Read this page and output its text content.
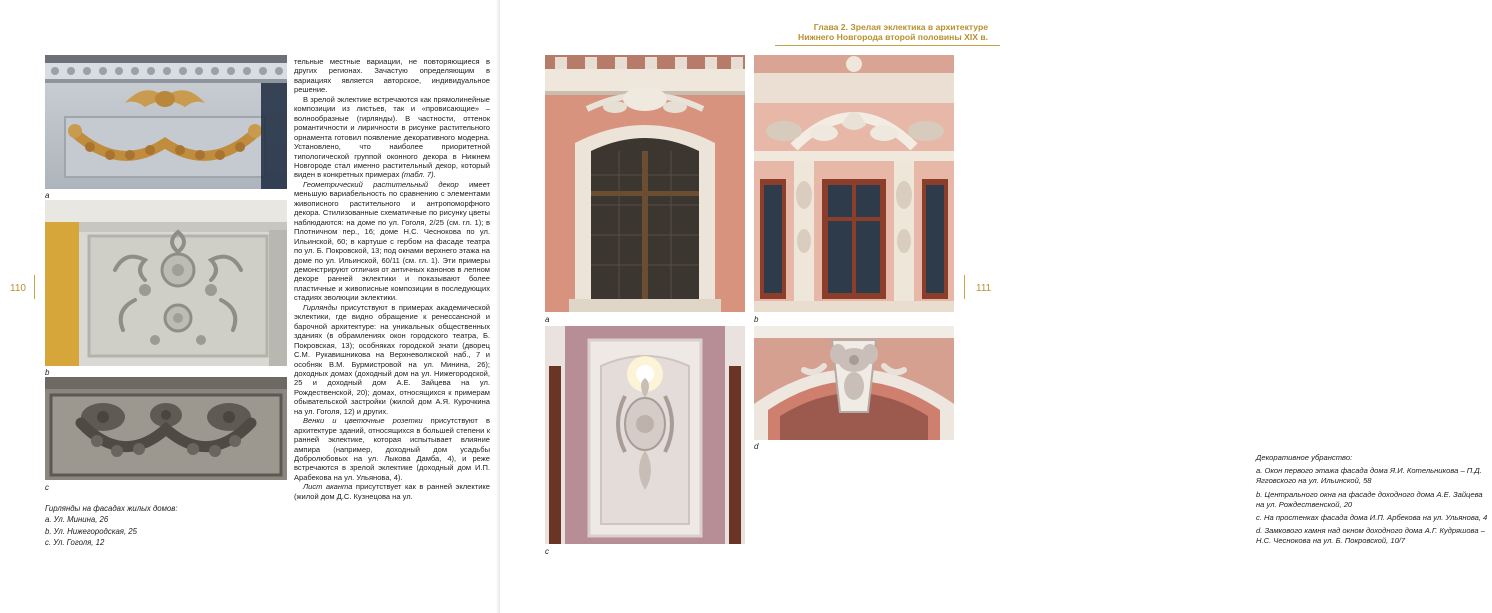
a
b
c
Гирлянды на фасадах жилых домов:
a. Ул. Минина, 26
b. Ул. Нижегородская, 25
c. Ул. Гоголя, 12

тельные местные вариации, не повторяющиеся в других регионах. Зачастую определяющим в вариациях является авторское, индивидуальное решение.

В зрелой эклектике встречаются как прямолинейные композиции из листьев, так и «провисающие» – волнообразные (гирлянды). В частности, оттенок романтичности и лиричности в рисунке растительного орнамента готовил появление декоративного модерна. Установлено, что наиболее приоритетной типологической группой оконного декора в Нижнем Новгороде стал именно растительный декор, который виден в конкретных примерах (табл. 7).

Геометрический растительный декор имеет меньшую вариабельность по сравнению с элементами живописного растительного и антропоморфного декора. Стилизованные схематичные по рисунку цветы наблюдаются: на доме по ул. Гоголя, 2/25 (см. гл. 1); в Плотничном пер., 16; доме Н.С. Чесноковa по ул. Ильинской, 60; в картуше с гербом на фасаде театра по ул. Б. Покровской, 13; под окнами верхнего этажа на доме по ул. Ильинской, 60/11 (см. гл. 1). Эти примеры демонстрируют отличия от античных канонов в лепном декоре ранней эклектики и показывают более пластичные и живописные композиции в последующих стадиях эволюции эклектики.

Гирлянды присутствуют в примерах академической эклектики, где видно обращение к ренессансной и барочной архитектуре: на уникальных общественных зданиях (в обрамлениях окон городского театра, Б. Покровская, 13); особняках городской знати (дворец С.М. Рукавишникова на Верхневолжской наб., 7 и особняк В.М. Бурмистровой на ул. Минина, 26); доходных домах (доходный дом на ул. Нижегородской, 25 и доходный дом А.Е. Зайцева на ул. Рождественской, 20); домах, относящихся к примерам обывательской застройки (жилой дом А.Я. Курочкина на ул. Гоголя, 12) и других.

Венки и цветочные розетки присутствуют в архитектуре зданий, относящихся в большей степени к ранней эклектике, которая испытывает влияние ампира (например, доходный дом усадьбы Добролюбовых на ул. Лыкова Дамба, 4), и реже встречаются в зрелой эклектике (доходный дом И.П. Арабекова на ул. Ульянова, 4).

Лист аканта присутствует как в ранней эклектике (жилой дом Д.С. Кузнецова на ул.

110
Глава 2. Зрелая эклектика в архитектуре
Нижнего Новгорода второй половины XIX в.
a	b
c
d
Декоративное убранство:
a. Окон первого этажа фасада дома Я.И. Котельникова – П.Д. Ягговского на ул. Ильинской, 58
b. Центрального окна на фасаде доходного дома А.Е. Зайцева на ул. Рождественской, 20
c. На простенках фасада дома И.П. Арбекова на ул. Ульянова, 4
d. Замкового камня над окном доходного дома А.Г. Кудряшова – Н.С. Чесноковa на ул. Б. Покровской, 10/7
111
